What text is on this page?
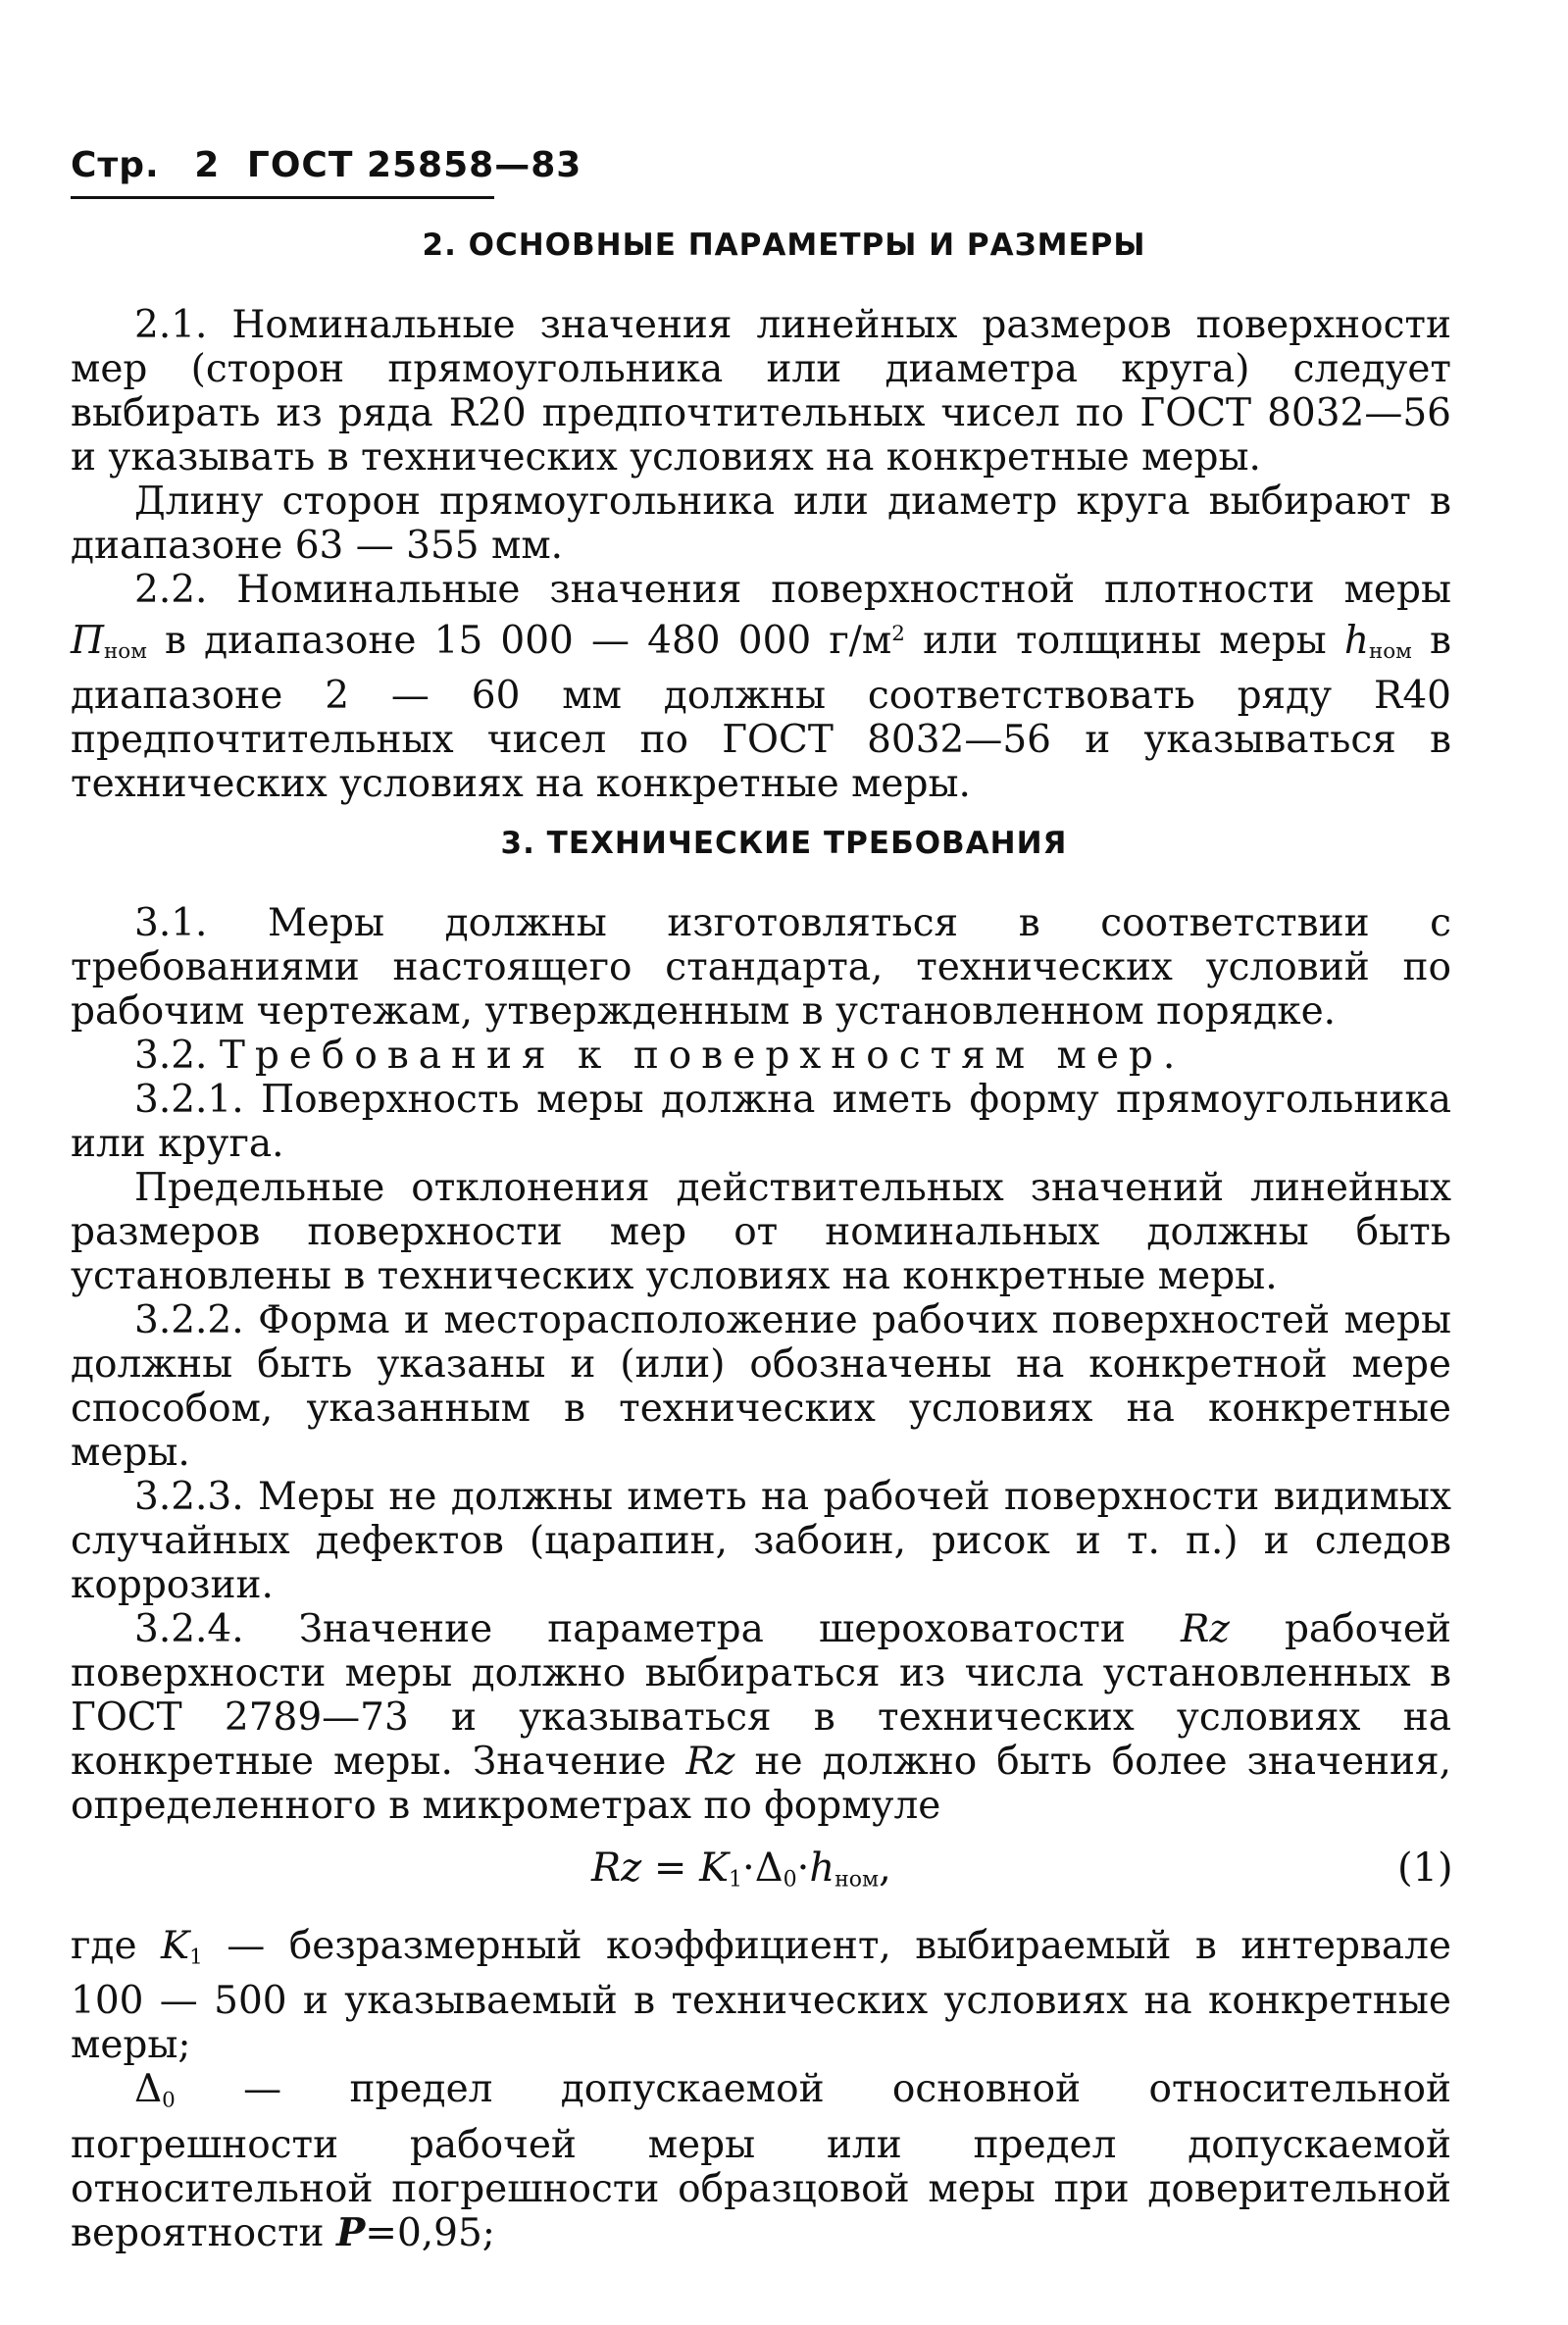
Стр. 2 ГОСТ 25858—83
2. ОСНОВНЫЕ ПАРАМЕТРЫ И РАЗМЕРЫ
2.1. Номинальные значения линейных размеров поверхности мер (сторон прямоугольника или диаметра круга) следует выбирать из ряда R20 предпочтительных чисел по ГОСТ 8032—56 и указывать в технических условиях на конкретные меры.
Длину сторон прямоугольника или диаметр круга выбирают в диапазоне 63 — 355 мм.
2.2. Номинальные значения поверхностной плотности меры $П_{ном}$ в диапазоне 15 000 — 480 000 $г/м^2$ или толщины меры $h_{ном}$ в диапазоне 2 — 60 мм должны соответствовать ряду R40 предпочтительных чисел по ГОСТ 8032—56 и указываться в технических условиях на конкретные меры.
3. ТЕХНИЧЕСКИЕ ТРЕБОВАНИЯ
3.1. Меры должны изготовляться в соответствии с требованиями настоящего стандарта, технических условий по рабочим чертежам, утвержденным в установленном порядке.
3.2. Требования к поверхностям мер.
3.2.1. Поверхность меры должна иметь форму прямоугольника или круга.
Предельные отклонения действительных значений линейных размеров поверхности мер от номинальных должны быть установлены в технических условиях на конкретные меры.
3.2.2. Форма и месторасположение рабочих поверхностей меры должны быть указаны и (или) обозначены на конкретной мере способом, указанным в технических условиях на конкретные меры.
3.2.3. Меры не должны иметь на рабочей поверхности видимых случайных дефектов (царапин, забоин, рисок и т. п.) и следов коррозии.
3.2.4. Значение параметра шероховатости Rz рабочей поверхности меры должно выбираться из числа установленных в ГОСТ 2789—73 и указываться в технических условиях на конкретные меры. Значение Rz не должно быть более значения, определенного в микрометрах по формуле
$Rz = K_1\cdot\Delta_0\cdot h_{ном}$,	(1)
где $K_1$ — безразмерный коэффициент, выбираемый в интервале 100 — 500 и указываемый в технических условиях на конкретные меры;
$\Delta_0$ — предел допускаемой основной относительной погрешности рабочей меры или предел допускаемой относительной погрешности образцовой меры при доверительной вероятности P=0,95;
